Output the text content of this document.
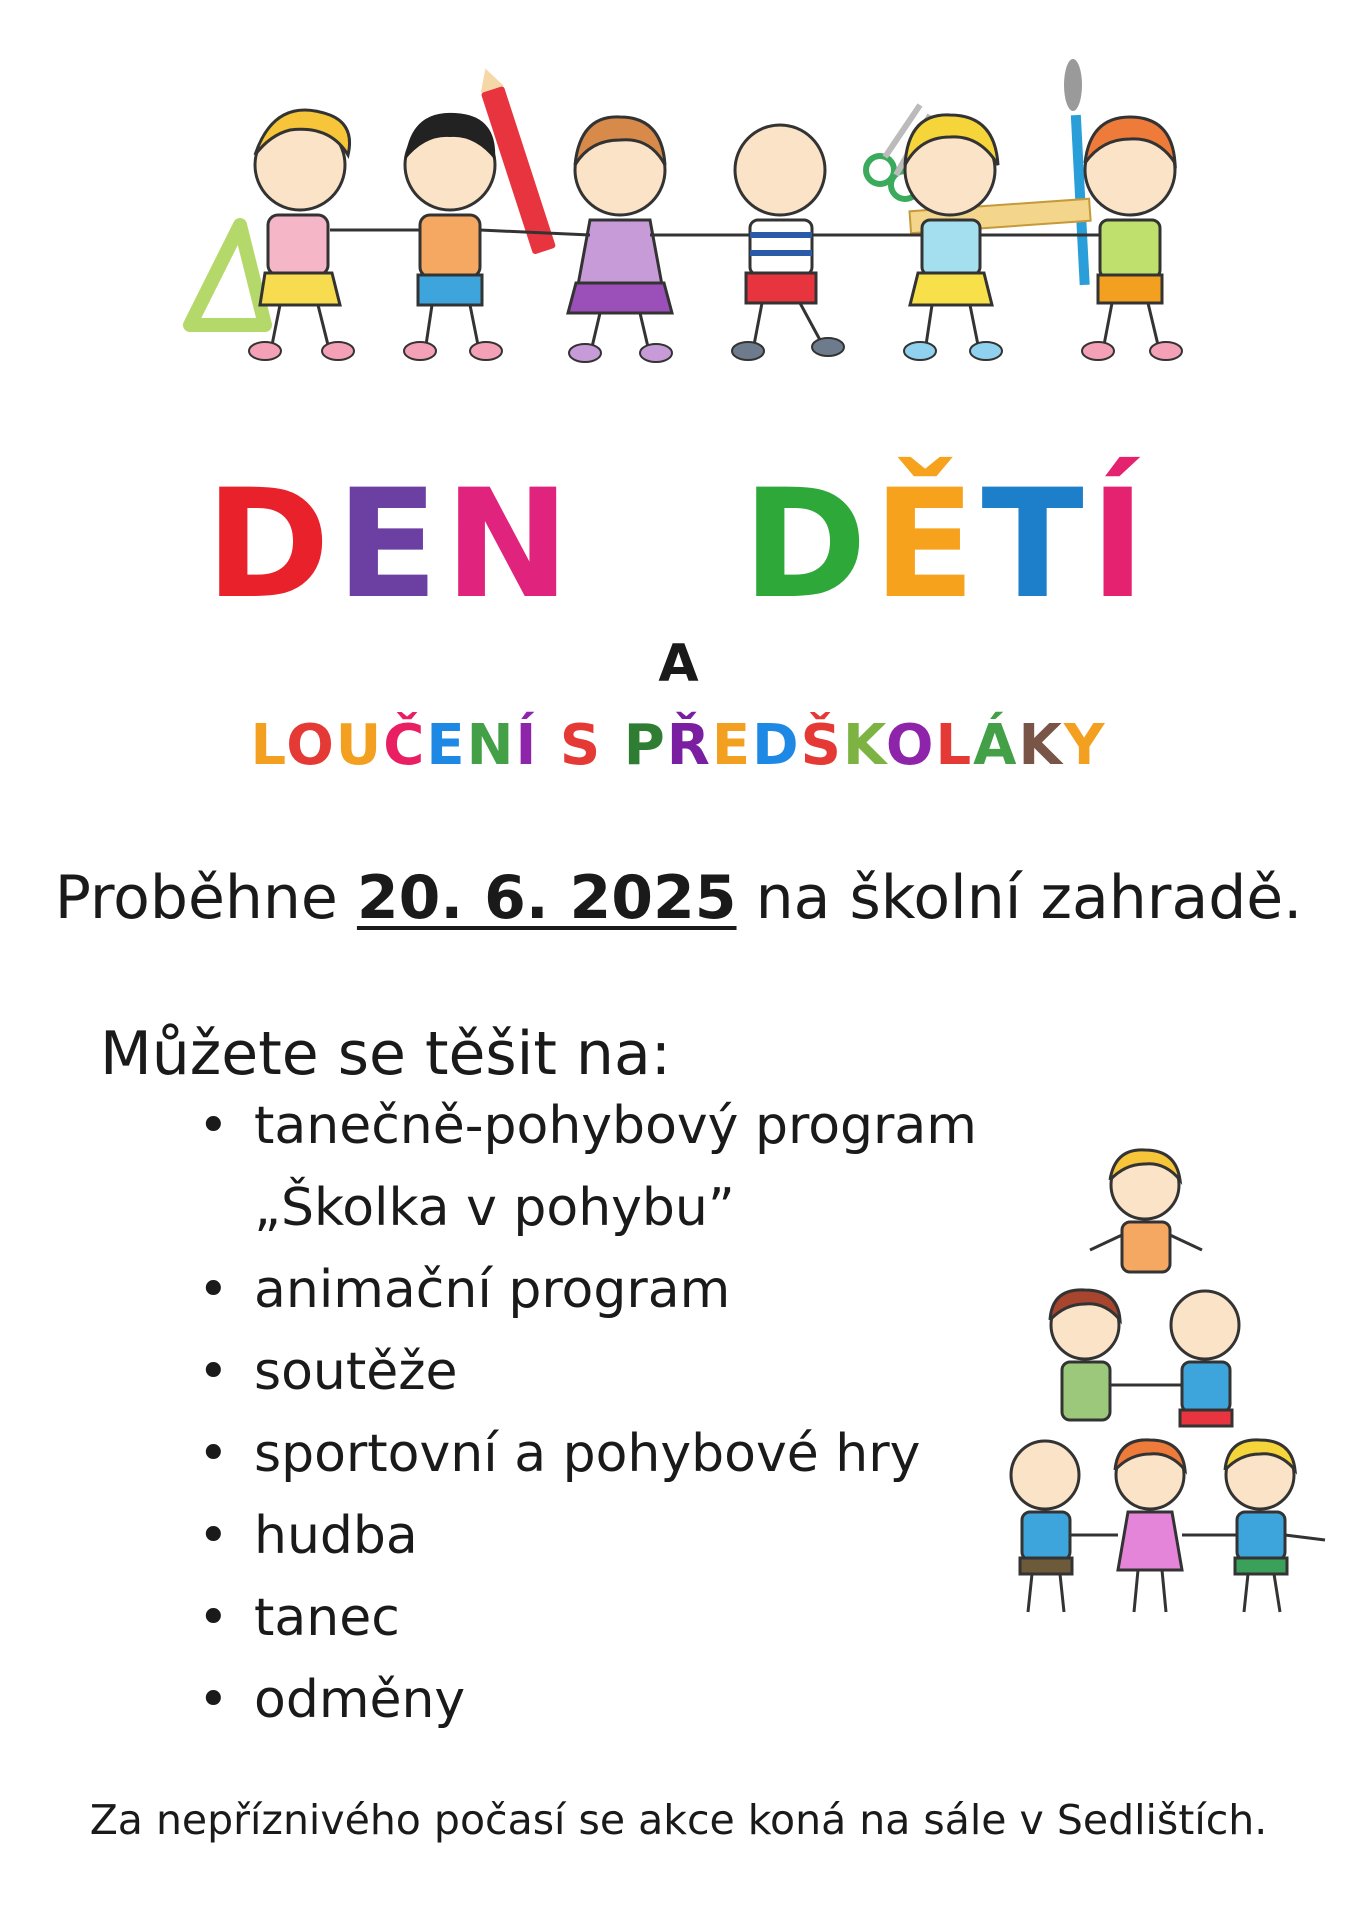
DEN DĚTÍ
A
LOUČENÍ S PŘEDŠKOLÁKY
Proběhne 20. 6. 2025 na školní zahradě.
Můžete se těšit na:
• tanečně-pohybový program
„Školka v pohybu”
• animační program
• soutěže
• sportovní a pohybové hry
• hudba
• tanec
• odměny
Za nepříznivého počasí se akce koná na sále v Sedlištích.
